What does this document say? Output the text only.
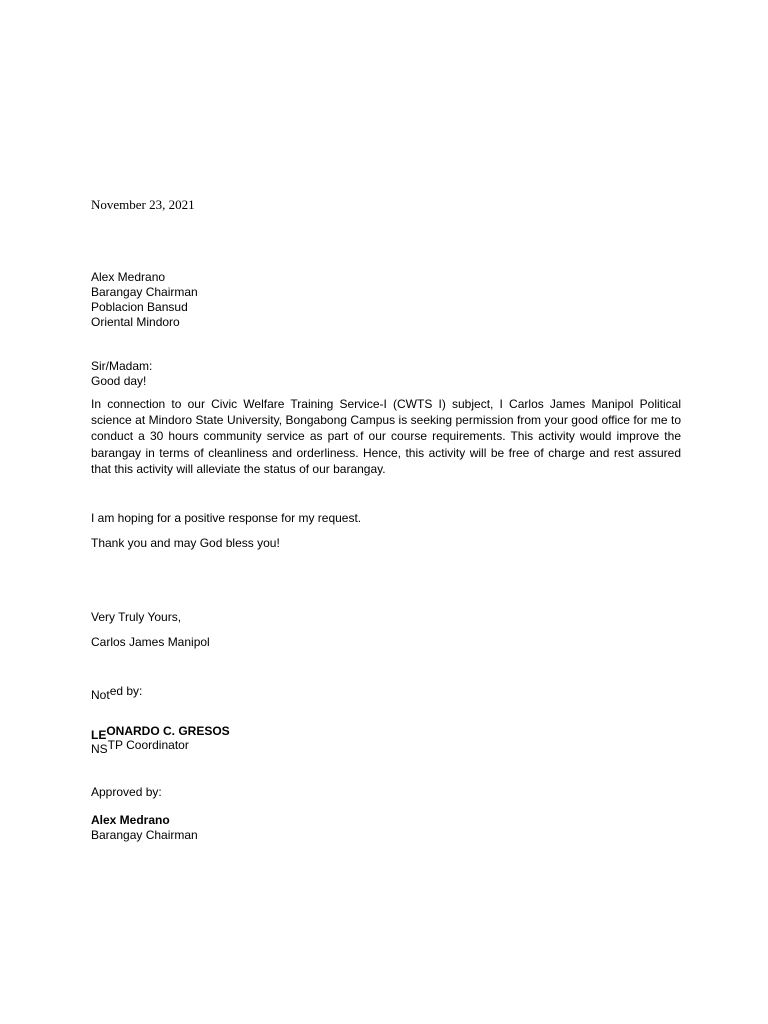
November 23, 2021
Alex Medrano
Barangay Chairman
Poblacion Bansud
Oriental Mindoro
Sir/Madam:
Good day!
In connection to our Civic Welfare Training Service-I (CWTS I) subject, I Carlos James Manipol Political science at Mindoro State University, Bongabong Campus is seeking permission from your good office for me to conduct a 30 hours community service as part of our course requirements. This activity would improve the barangay in terms of cleanliness and orderliness. Hence, this activity will be free of charge and rest assured that this activity will alleviate the status of our barangay.
I am hoping for a positive response for my request.
Thank you and may God bless you!
Very Truly Yours,
Carlos James Manipol
Noted by:
LEONARDO C. GRESOS
NSTP Coordinator
Approved by:
Alex Medrano
Barangay Chairman
